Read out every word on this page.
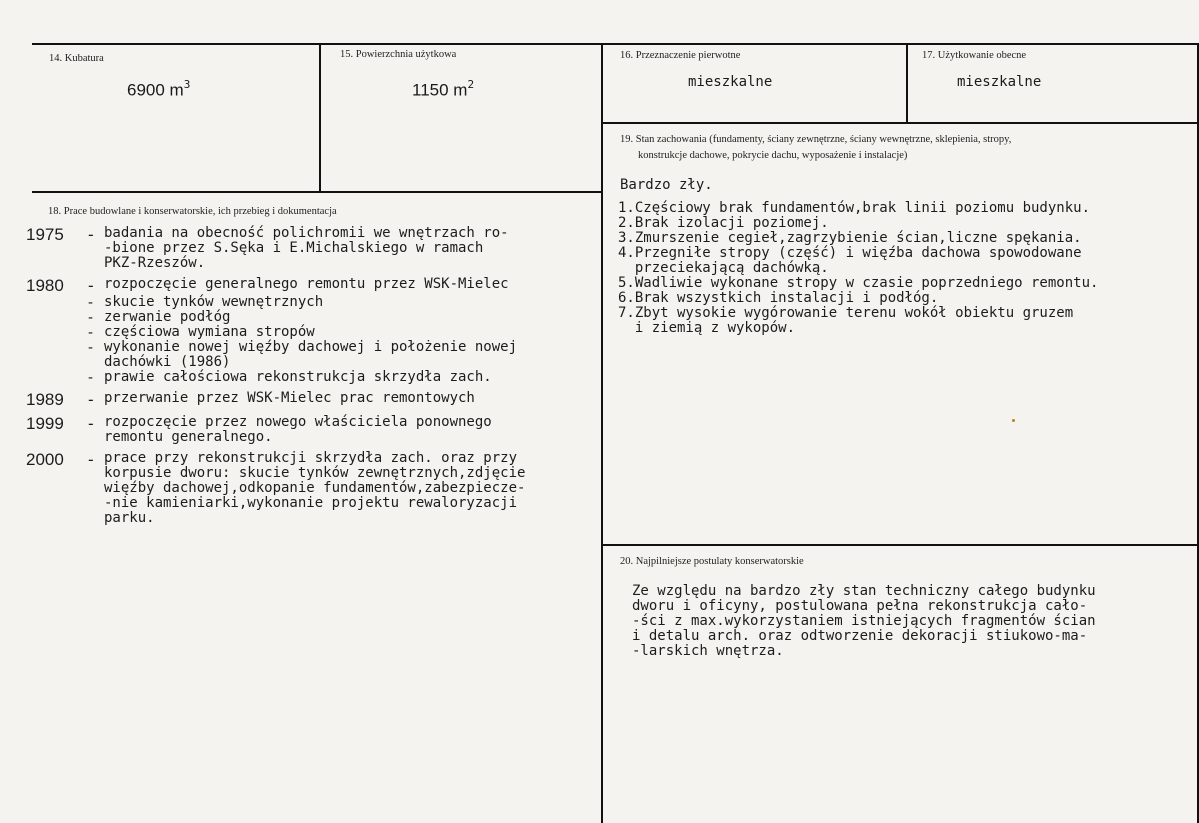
14. Kubatura
6900 $m^3$
15. Powierzchnia użytkowa
1150 $m^2$
16. Przeznaczenie pierwotne
mieszkalne
17. Użytkowanie obecne
mieszkalne
18. Prace budowlane i konserwatorskie, ich przebieg i dokumentacja
1975	- badania na obecność polichromii we wnętrzach ro-
-bione przez S.Sęka i E.Michalskiego w ramach
PKZ-Rzeszów.
1980	- rozpoczęcie generalnego remontu przez WSK-Mielec
- skucie tynków wewnętrznych
- zerwanie podłóg
- częściowa wymiana stropów
- wykonanie nowej więźby dachowej i położenie nowej
dachówki (1986)
- prawie całościowa rekonstrukcja skrzydła zach.
1989	- przerwanie przez WSK-Mielec prac remontowych
1999	- rozpoczęcie przez nowego właściciela ponownego
remontu generalnego.
2000	- prace przy rekonstrukcji skrzydła zach. oraz przy
korpusie dworu: skucie tynków zewnętrznych,zdjęcie
więźby dachowej,odkopanie fundamentów,zabezpiecze-
-nie kamieniarki,wykonanie projektu rewaloryzacji
parku.
19. Stan zachowania (fundamenty, ściany zewnętrzne, ściany wewnętrzne, sklepienia, stropy,
konstrukcje dachowe, pokrycie dachu, wyposażenie i instalacje)
Bardzo zły.
1.Częściowy brak fundamentów,brak linii poziomu budynku.
2.Brak izolacji poziomej.
3.Zmurszenie cegieł,zagrzybienie ścian,liczne spękania.
4.Przegniłe stropy (część) i więźba dachowa spowodowane
przeciekającą dachówką.
5.Wadliwie wykonane stropy w czasie poprzedniego remontu.
6.Brak wszystkich instalacji i podłóg.
7.Zbyt wysokie wygórowanie terenu wokół obiektu gruzem
i ziemią z wykopów.
20. Najpilniejsze postulaty konserwatorskie
Ze względu na bardzo zły stan techniczny całego budynku
dworu i oficyny, postulowana pełna rekonstrukcja cało-
-ści z max.wykorzystaniem istniejących fragmentów ścian
i detalu arch. oraz odtworzenie dekoracji stiukowo-ma-
-larskich wnętrza.
